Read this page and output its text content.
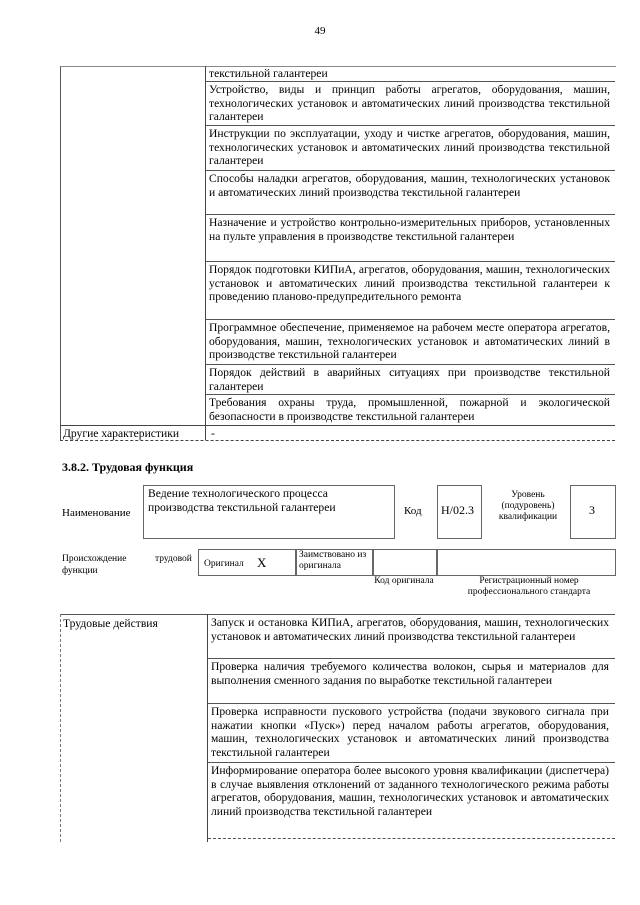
49
текстильной галантереи
Устройство, виды и принцип работы агрегатов, оборудования, машин, технологических установок и автоматических линий производства текстильной галантереи
Инструкции по эксплуатации, уходу и чистке агрегатов, оборудования, машин, технологических установок и автоматических линий производства текстильной галантереи
Способы наладки агрегатов, оборудования, машин, технологических установок и автоматических линий производства текстильной галантереи
Назначение и устройство контрольно-измерительных приборов, установленных на пульте управления в производстве текстильной галантереи
Порядок подготовки КИПиА, агрегатов, оборудования, машин, технологических установок и автоматических линий производства текстильной галантереи к проведению планово-предупредительного ремонта
Программное обеспечение, применяемое на рабочем месте оператора агрегатов, оборудования, машин, технологических установок и автоматических линий в производстве текстильной галантереи
Порядок действий в аварийных ситуациях при производстве текстильной галантереи
Требования охраны труда, промышленной, пожарной и экологической безопасности в производстве текстильной галантереи
Другие характеристики	-
3.8.2. Трудовая функция
Наименование
Ведение технологического процесса производства текстильной галантереи	Код Н/02.3
Уровень (подуровень) квалификации	3
Происхождение	трудовой
функции
Оригинал X	Заимствовано из оригинала
Код оригинала	Регистрационный номер профессионального стандарта
Трудовые действия	Запуск и остановка КИПиА, агрегатов, оборудования, машин, технологических установок и автоматических линий производства текстильной галантереи
Проверка наличия требуемого количества волокон, сырья и материалов для выполнения сменного задания по выработке текстильной галантереи
Проверка исправности пускового устройства (подачи звукового сигнала при нажатии кнопки «Пуск») перед началом работы агрегатов, оборудования, машин, технологических установок и автоматических линий производства текстильной галантереи
Информирование оператора более высокого уровня квалификации (диспетчера) в случае выявления отклонений от заданного технологического режима работы агрегатов, оборудования, машин, технологических установок и автоматических линий производства текстильной галантереи
